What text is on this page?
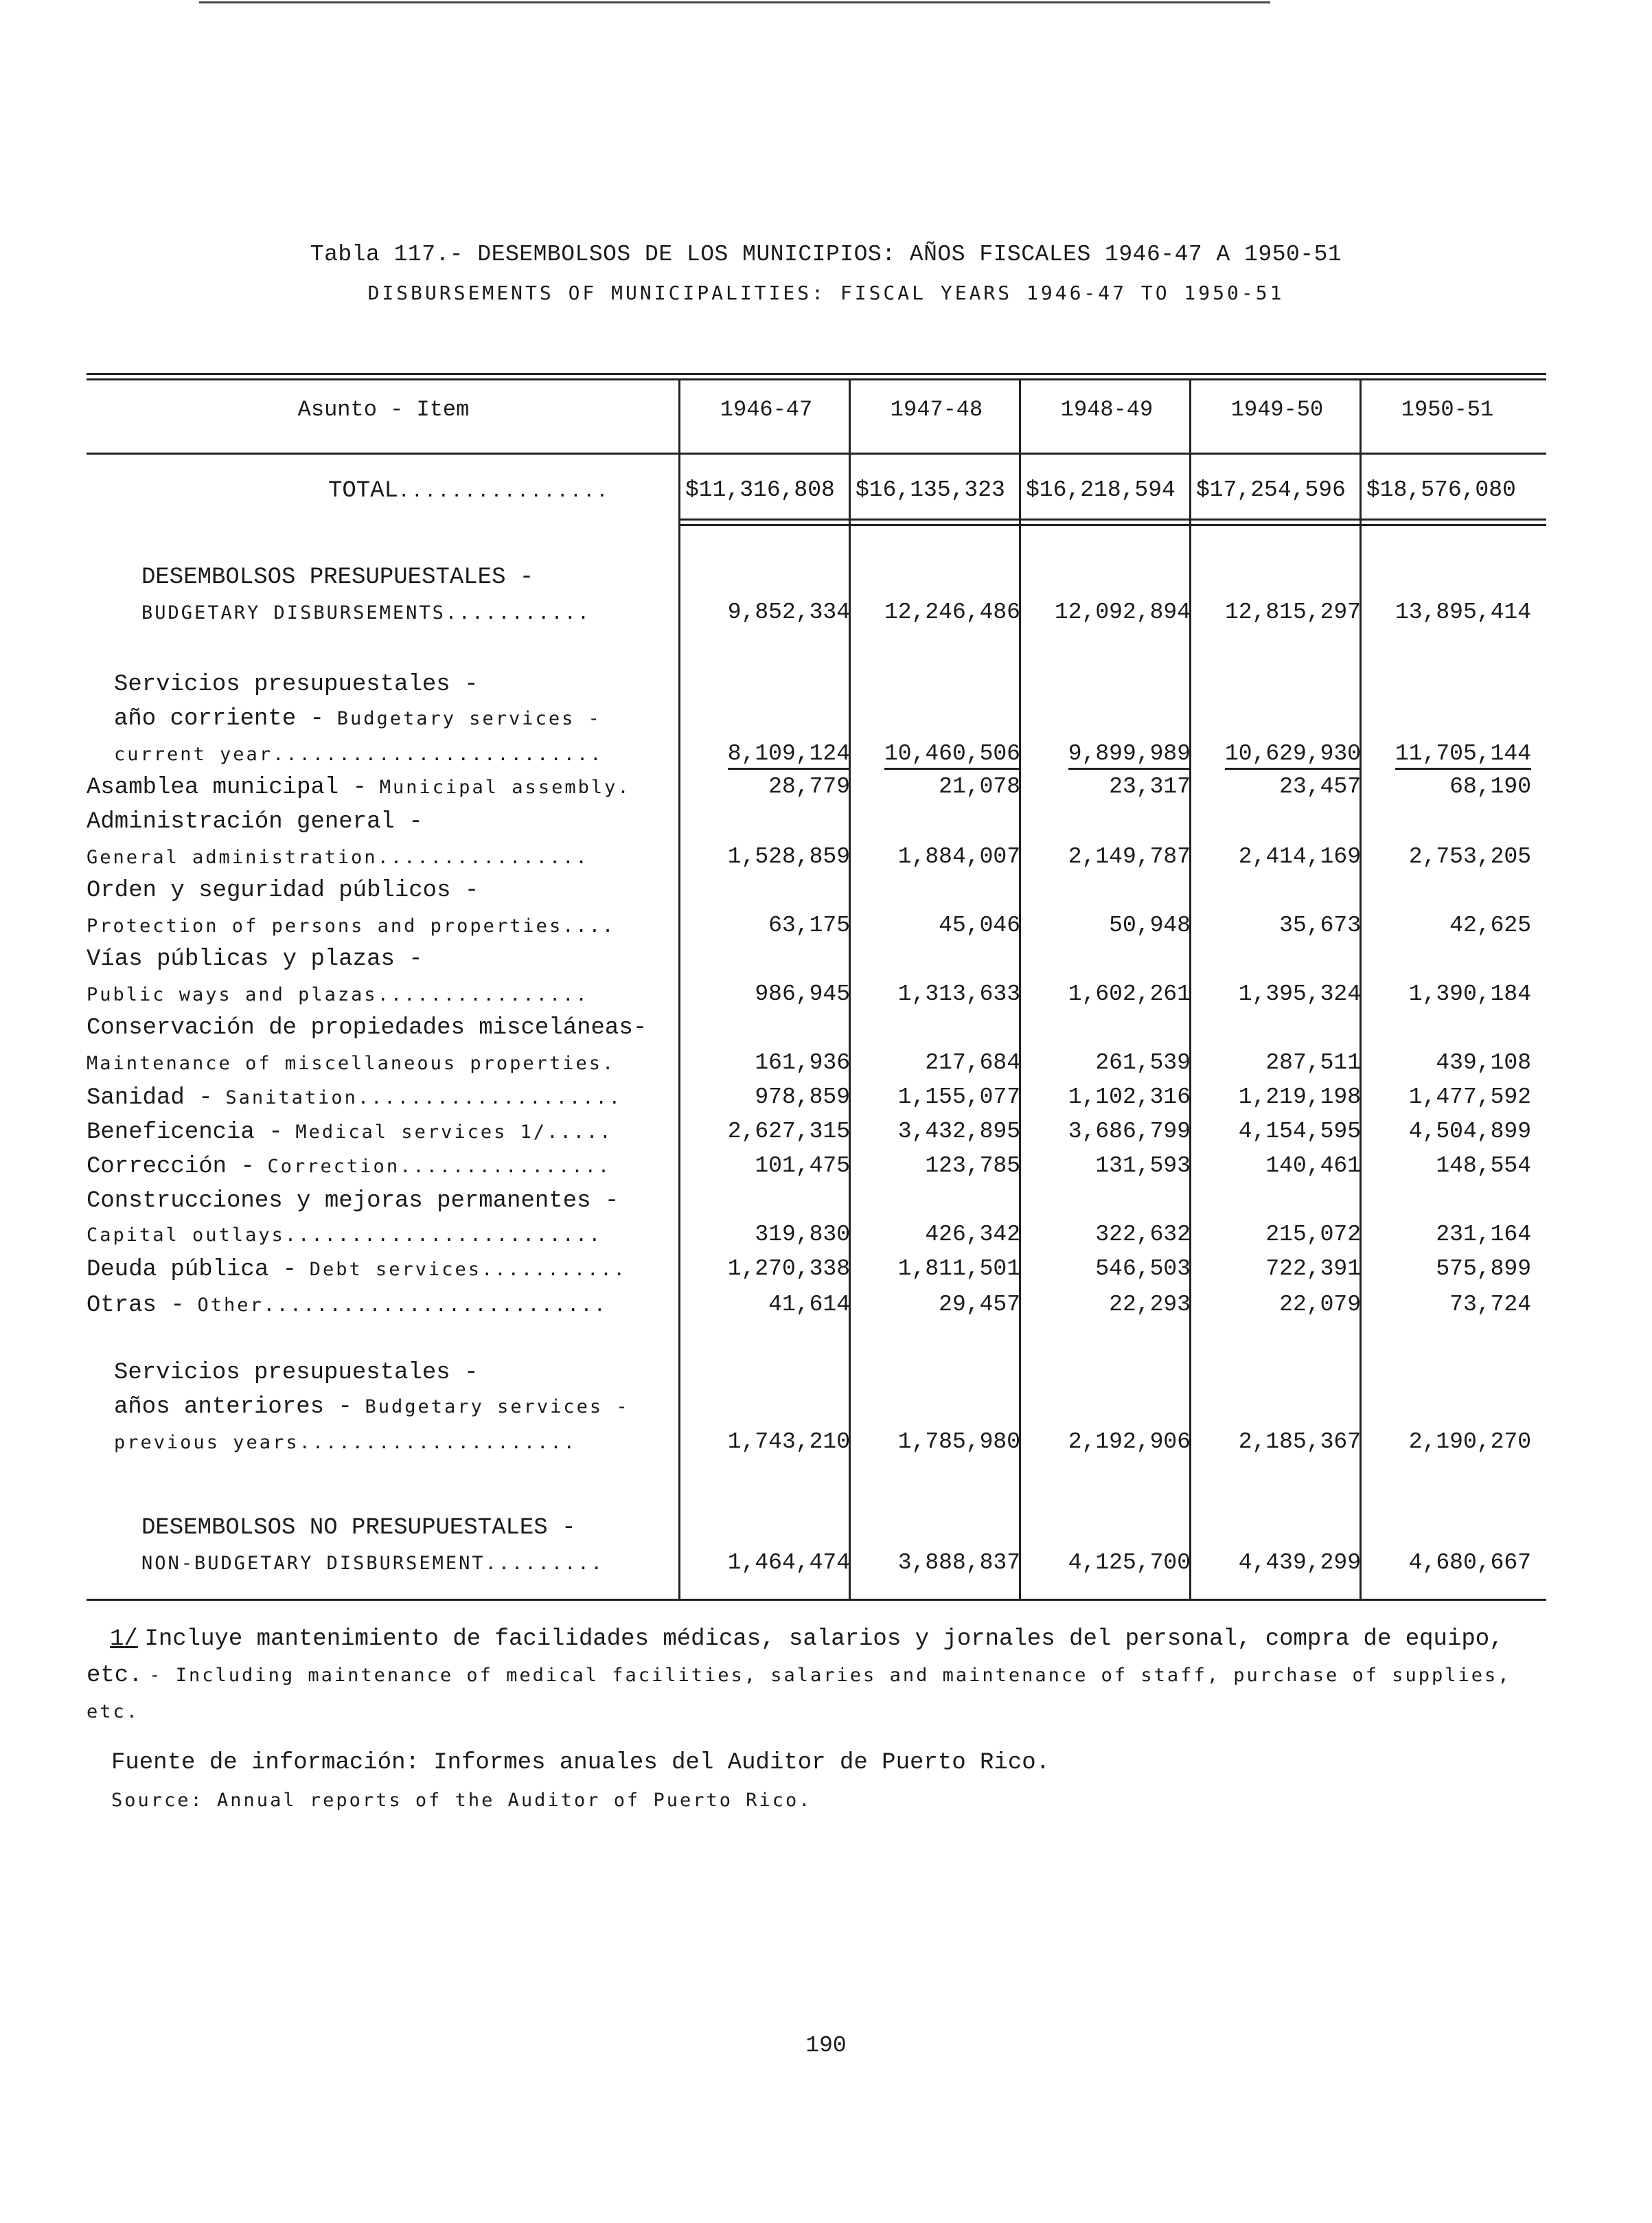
Tabla 117.- DESEMBOLSOS DE LOS MUNICIPIOS: AÑOS FISCALES 1946-47 A 1950-51
DISBURSEMENTS OF MUNICIPALITIES: FISCAL YEARS 1946-47 TO 1950-51
Asunto - Item	1946-47	1947-48	1948-49	1949-50	1950-51
TOTAL................	$11,316,808 $16,135,323 $16,218,594 $17,254,596 $18,576,080
DESEMBOLSOS PRESUPUESTALES -
BUDGETARY DISBURSEMENTS...........	9,852,334	12,246,486	12,092,894	12,815,297	13,895,414
Servicios presupuestales -
año corriente - Budgetary services -
current year.........................	8,109,124	10,460,506	9,899,989	10,629,930	11,705,144
Asamblea municipal - Municipal assembly.	28,779	21,078	23,317	23,457	68,190
Administración general -
General administration................	1,528,859	1,884,007	2,149,787	2,414,169	2,753,205
Orden y seguridad públicos -
Protection of persons and properties....	63,175	45,046	50,948	35,673	42,625
Vías públicas y plazas -
Public ways and plazas................	986,945	1,313,633	1,602,261	1,395,324	1,390,184
Conservación de propiedades misceláneas-
Maintenance of miscellaneous properties.	161,936	217,684	261,539	287,511	439,108
Sanidad - Sanitation....................	978,859	1,155,077	1,102,316	1,219,198	1,477,592
Beneficencia - Medical services 1/.....	2,627,315	3,432,895	3,686,799	4,154,595	4,504,899
Corrección - Correction................	101,475	123,785	131,593	140,461	148,554
Construcciones y mejoras permanentes -
Capital outlays........................	319,830	426,342	322,632	215,072	231,164
Deuda pública - Debt services...........	1,270,338	1,811,501	546,503	722,391	575,899
Otras - Other..........................	41,614	29,457	22,293	22,079	73,724
Servicios presupuestales -
años anteriores - Budgetary services -
previous years.....................	1,743,210	1,785,980	2,192,906	2,185,367	2,190,270
DESEMBOLSOS NO PRESUPUESTALES -
NON-BUDGETARY DISBURSEMENT.........	1,464,474	3,888,837	4,125,700	4,439,299	4,680,667
1/ Incluye mantenimiento de facilidades médicas, salarios y jornales del personal, compra de equipo, etc. - Including maintenance of medical facilities, salaries and maintenance of staff, purchase of supplies, etc.
Fuente de información: Informes anuales del Auditor de Puerto Rico.
Source: Annual reports of the Auditor of Puerto Rico.
190
